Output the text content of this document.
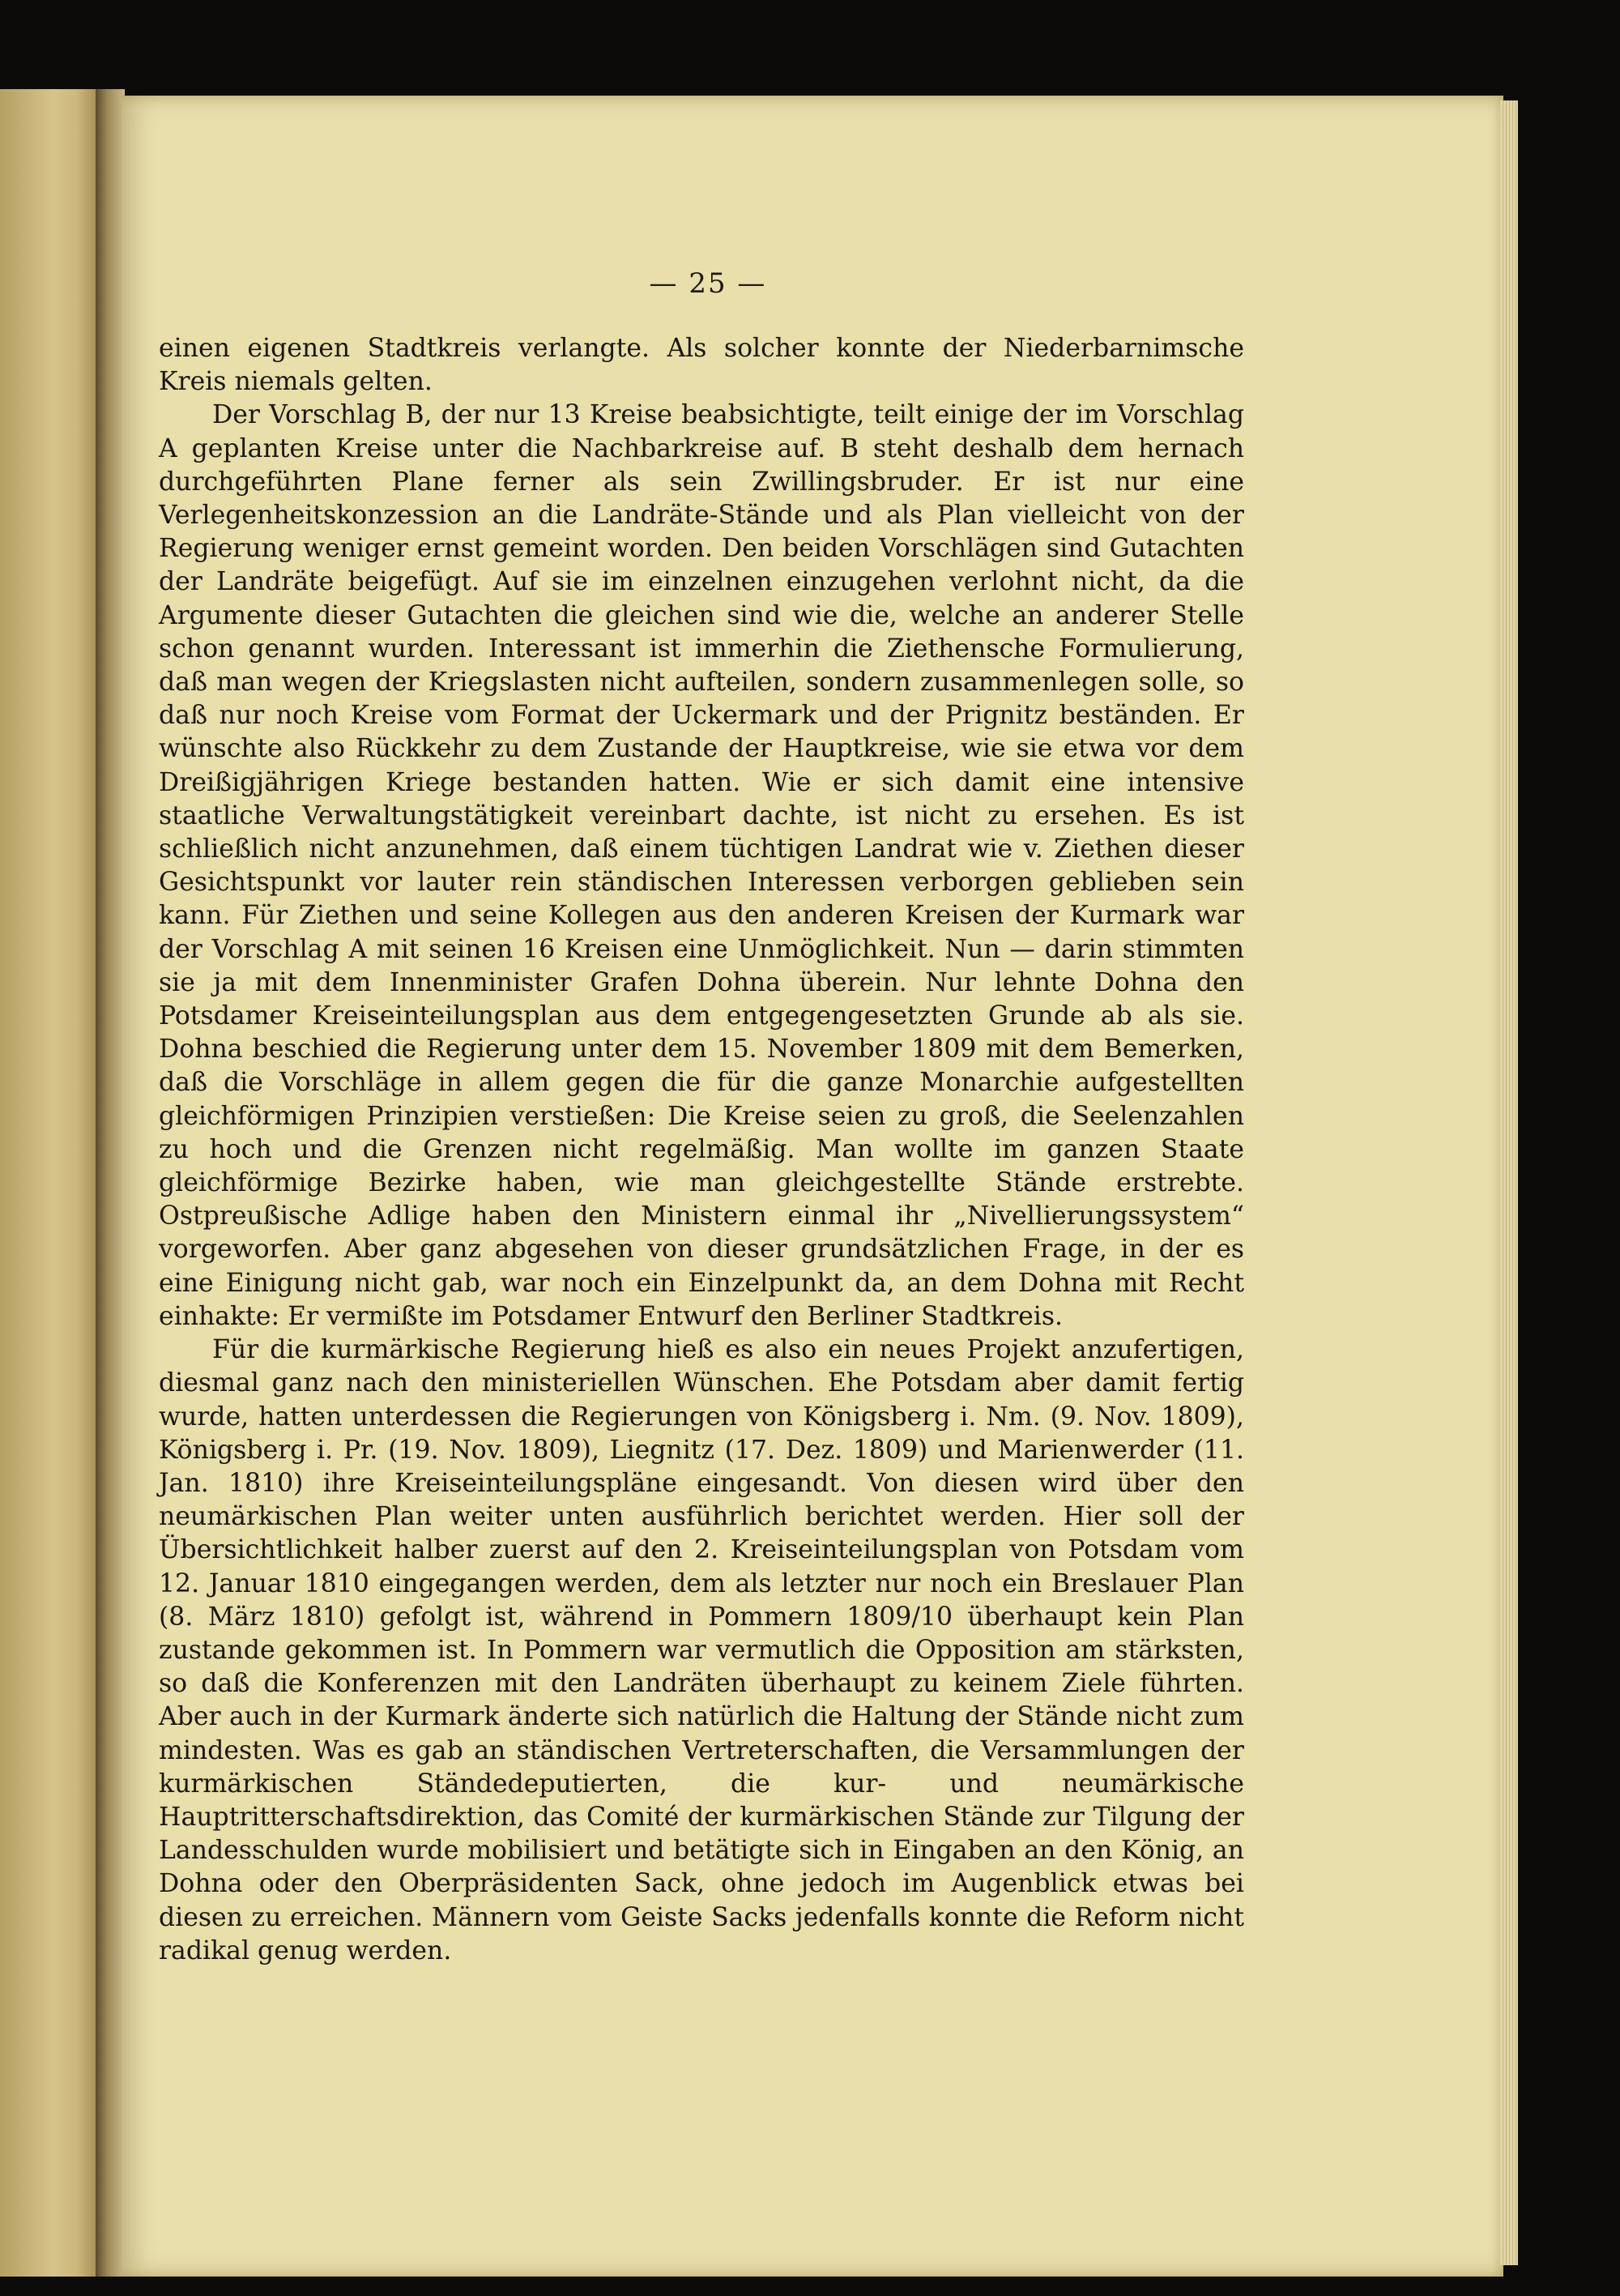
— 25 —

einen eigenen Stadtkreis verlangte. Als solcher konnte der Niederbarnimsche Kreis niemals gelten.

Der Vorschlag B, der nur 13 Kreise beabsichtigte, teilt einige der im Vorschlag A geplanten Kreise unter die Nachbarkreise auf. B steht deshalb dem hernach durchgeführten Plane ferner als sein Zwillingsbruder. Er ist nur eine Verlegenheitskonzession an die Landräte-Stände und als Plan vielleicht von der Regierung weniger ernst gemeint worden. Den beiden Vorschlägen sind Gutachten der Landräte beigefügt. Auf sie im einzelnen einzugehen verlohnt nicht, da die Argumente dieser Gutachten die gleichen sind wie die, welche an anderer Stelle schon genannt wurden. Interessant ist immerhin die Ziethensche Formulierung, daß man wegen der Kriegslasten nicht aufteilen, sondern zusammenlegen solle, so daß nur noch Kreise vom Format der Uckermark und der Prignitz beständen. Er wünschte also Rückkehr zu dem Zustande der Hauptkreise, wie sie etwa vor dem Dreißigjährigen Kriege bestanden hatten. Wie er sich damit eine intensive staatliche Verwaltungstätigkeit vereinbart dachte, ist nicht zu ersehen. Es ist schließlich nicht anzunehmen, daß einem tüchtigen Landrat wie v. Ziethen dieser Gesichtspunkt vor lauter rein ständischen Interessen verborgen geblieben sein kann. Für Ziethen und seine Kollegen aus den anderen Kreisen der Kurmark war der Vorschlag A mit seinen 16 Kreisen eine Unmöglichkeit. Nun — darin stimmten sie ja mit dem Innenminister Grafen Dohna überein. Nur lehnte Dohna den Potsdamer Kreiseinteilungsplan aus dem entgegengesetzten Grunde ab als sie. Dohna beschied die Regierung unter dem 15. November 1809 mit dem Bemerken, daß die Vorschläge in allem gegen die für die ganze Monarchie aufgestellten gleichförmigen Prinzipien verstießen: Die Kreise seien zu groß, die Seelenzahlen zu hoch und die Grenzen nicht regelmäßig. Man wollte im ganzen Staate gleichförmige Bezirke haben, wie man gleichgestellte Stände erstrebte. Ostpreußische Adlige haben den Ministern einmal ihr „Nivellierungssystem“ vorgeworfen. Aber ganz abgesehen von dieser grundsätzlichen Frage, in der es eine Einigung nicht gab, war noch ein Einzelpunkt da, an dem Dohna mit Recht einhakte: Er vermißte im Potsdamer Entwurf den Berliner Stadtkreis.

Für die kurmärkische Regierung hieß es also ein neues Projekt anzufertigen, diesmal ganz nach den ministeriellen Wünschen. Ehe Potsdam aber damit fertig wurde, hatten unterdessen die Regierungen von Königsberg i. Nm. (9. Nov. 1809), Königsberg i. Pr. (19. Nov. 1809), Liegnitz (17. Dez. 1809) und Marienwerder (11. Jan. 1810) ihre Kreiseinteilungspläne eingesandt. Von diesen wird über den neumärkischen Plan weiter unten ausführlich berichtet werden. Hier soll der Übersichtlichkeit halber zuerst auf den 2. Kreiseinteilungsplan von Potsdam vom 12. Januar 1810 eingegangen werden, dem als letzter nur noch ein Breslauer Plan (8. März 1810) gefolgt ist, während in Pommern 1809/10 überhaupt kein Plan zustande gekommen ist. In Pommern war vermutlich die Opposition am stärksten, so daß die Konferenzen mit den Landräten überhaupt zu keinem Ziele führten. Aber auch in der Kurmark änderte sich natürlich die Haltung der Stände nicht zum mindesten. Was es gab an ständischen Vertreterschaften, die Versammlungen der kurmärkischen Ständedeputierten, die kur- und neumärkische Hauptritterschaftsdirektion, das Comité der kurmärkischen Stände zur Tilgung der Landesschulden wurde mobilisiert und betätigte sich in Eingaben an den König, an Dohna oder den Oberpräsidenten Sack, ohne jedoch im Augenblick etwas bei diesen zu erreichen. Männern vom Geiste Sacks jedenfalls konnte die Reform nicht radikal genug werden.
